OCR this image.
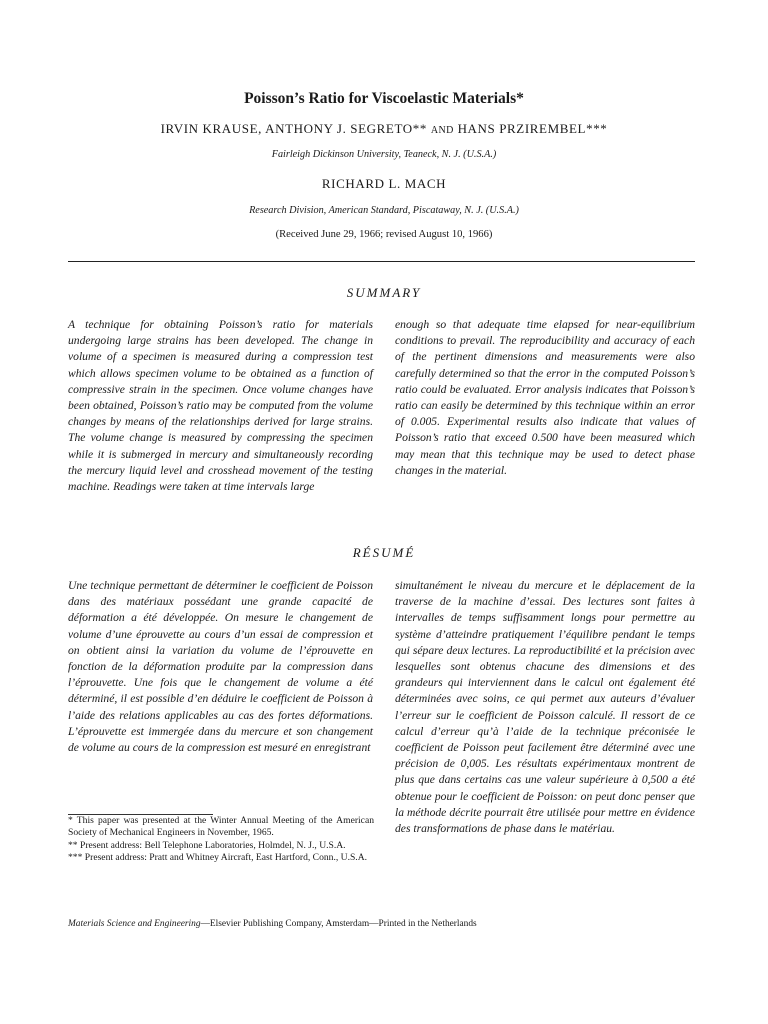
Poisson’s Ratio for Viscoelastic Materials*
IRVIN KRAUSE, ANTHONY J. SEGRETO** AND HANS PRZIREMBEL***
Fairleigh Dickinson University, Teaneck, N. J. (U.S.A.)
RICHARD L. MACH
Research Division, American Standard, Piscataway, N. J. (U.S.A.)
(Received June 29, 1966; revised August 10, 1966)
SUMMARY

A technique for obtaining Poisson’s ratio for materials undergoing large strains has been developed. The change in volume of a specimen is measured during a compression test which allows specimen volume to be obtained as a function of compressive strain in the specimen. Once volume changes have been obtained, Poisson’s ratio may be computed from the volume changes by means of the relationships derived for large strains. The volume change is measured by compressing the specimen while it is submerged in mercury and simultaneously recording the mercury liquid level and crosshead movement of the testing machine. Readings were taken at time intervals large

enough so that adequate time elapsed for near-equilibrium conditions to prevail. The reproducibility and accuracy of each of the pertinent dimensions and measurements were also carefully determined so that the error in the computed Poisson’s ratio could be evaluated. Error analysis indicates that Poisson’s ratio can easily be determined by this technique within an error of 0.005. Experimental results also indicate that values of Poisson’s ratio that exceed 0.500 have been measured which may mean that this technique may be used to detect phase changes in the material.

RÉSUMÉ

Une technique permettant de déterminer le coefficient de Poisson dans des matériaux possédant une grande capacité de déformation a été développée. On mesure le changement de volume d’une éprouvette au cours d’un essai de compression et on obtient ainsi la variation du volume de l’éprouvette en fonction de la déformation produite par la compression dans l’éprouvette. Une fois que le changement de volume a été déterminé, il est possible d’en déduire le coefficient de Poisson à l’aide des relations applicables au cas des fortes déformations. L’éprouvette est immergée dans du mercure et son changement de volume au cours de la compression est mesuré en enregistrant

simultanément le niveau du mercure et le déplacement de la traverse de la machine d’essai. Des lectures sont faites à intervalles de temps suffisamment longs pour permettre au système d’atteindre pratiquement l’équilibre pendant le temps qui sépare deux lectures. La reproductibilité et la précision avec lesquelles sont obtenus chacune des dimensions et des grandeurs qui interviennent dans le calcul ont également été déterminées avec soins, ce qui permet aux auteurs d’évaluer l’erreur sur le coefficient de Poisson calculé. Il ressort de ce calcul d’erreur qu’à l’aide de la technique préconisée le coefficient de Poisson peut facilement être déterminé avec une précision de 0,005. Les résultats expérimentaux montrent de plus que dans certains cas une valeur supérieure à 0,500 a été obtenue pour le coefficient de Poisson: on peut donc penser que la méthode décrite pourrait être utilisée pour mettre en évidence des transformations de phase dans le matériau.

* This paper was presented at the Winter Annual Meeting of the American Society of Mechanical Engineers in November, 1965.

** Present address: Bell Telephone Laboratories, Holmdel, N. J., U.S.A.

*** Present address: Pratt and Whitney Aircraft, East Hartford, Conn., U.S.A.

Materials Science and Engineering—Elsevier Publishing Company, Amsterdam—Printed in the Netherlands
